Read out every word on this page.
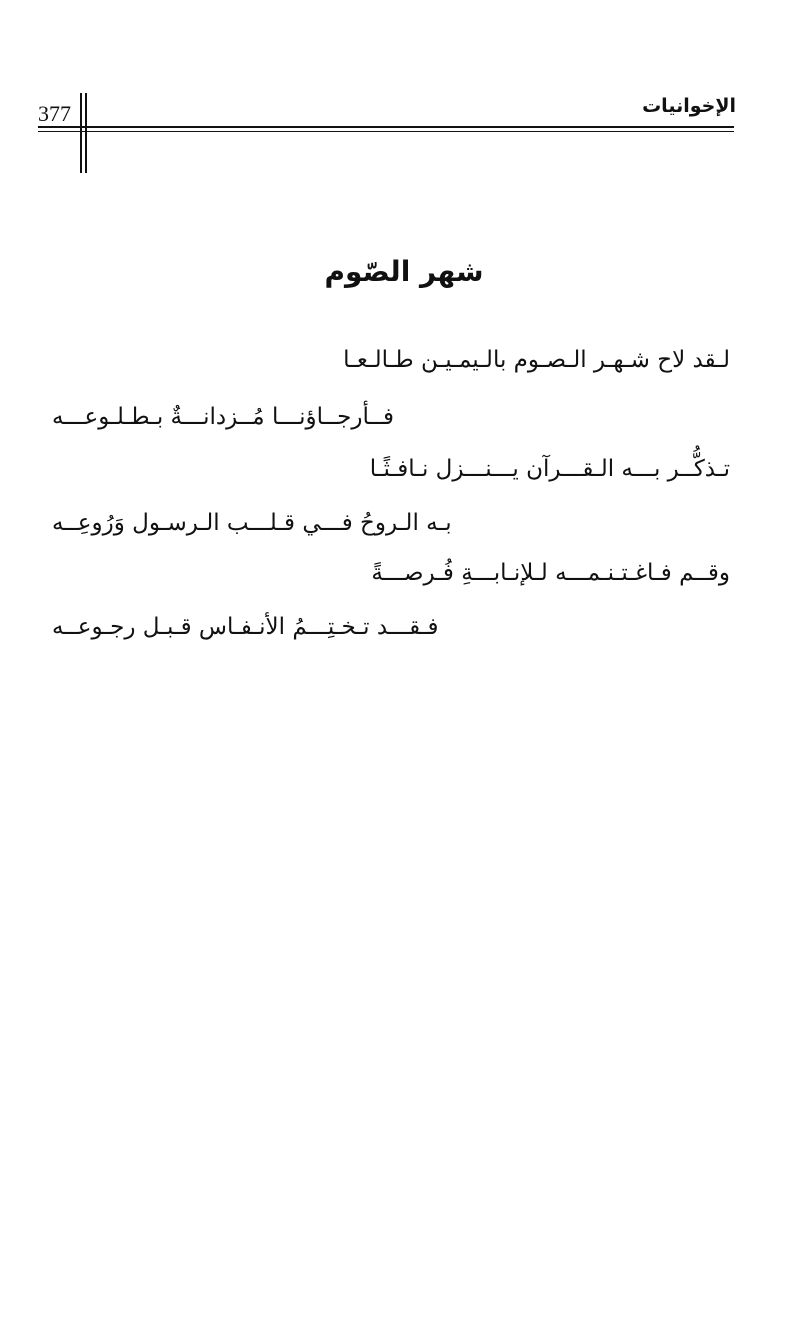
377	الإخوانيات
شهر الصّوم
لـقد لاح شـهـر الـصـوم بالـيمـيـن طـالـعـا
فــأرجــاؤنـــا مُــزدانـــةٌ بـطـلـوعـــه
تـذكُّــر بـــه الـقـــرآن يـــنـــزل نـافـثًـا
بـه الـروحُ فـــي قـلـــب الـرسـول وَرُوعِــه
وقــم فـاغـتـنـمـــه لـلإنـابـــةِ فُـرصـــةً
فـقـــد تـخـتِـــمُ الأنـفـاس قـبـل رجـوعــه
